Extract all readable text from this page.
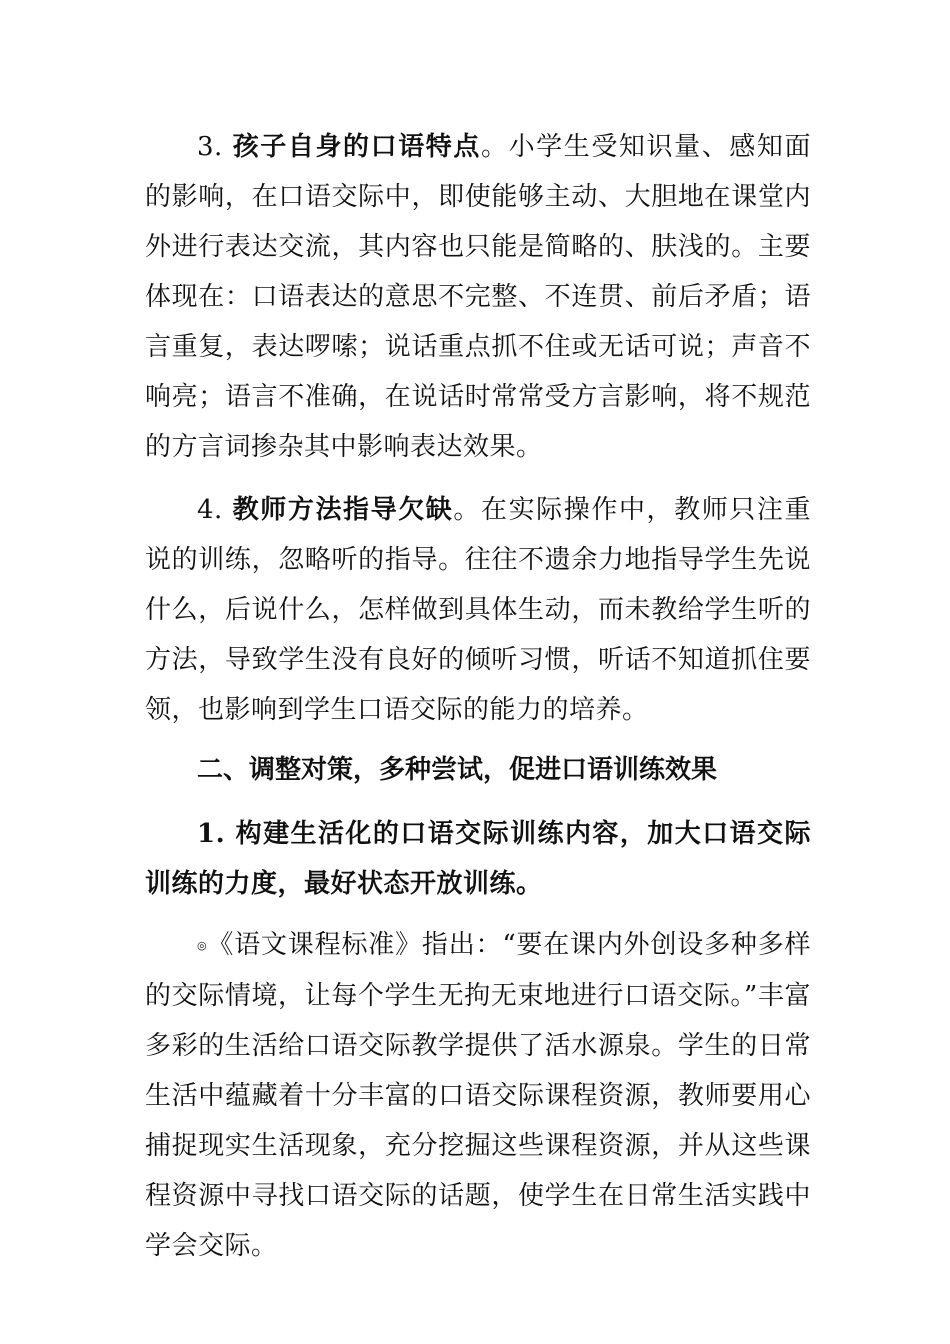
3. 孩子自身的口语特点。小学生受知识量、感知面的影响，在口语交际中，即使能够主动、大胆地在课堂内外进行表达交流，其内容也只能是简略的、肤浅的。主要体现在：口语表达的意思不完整、不连贯、前后矛盾；语言重复，表达啰嗦；说话重点抓不住或无话可说；声音不响亮；语言不准确，在说话时常常受方言影响，将不规范的方言词掺杂其中影响表达效果。

4. 教师方法指导欠缺。在实际操作中，教师只注重说的训练，忽略听的指导。往往不遗余力地指导学生先说什么，后说什么，怎样做到具体生动，而未教给学生听的方法，导致学生没有良好的倾听习惯，听话不知道抓住要领，也影响到学生口语交际的能力的培养。

二、调整对策，多种尝试，促进口语训练效果

1. 构建生活化的口语交际训练内容，加大口语交际训练的力度，最好状态开放训练。

◎《语文课程标准》指出：“要在课内外创设多种多样的交际情境，让每个学生无拘无束地进行口语交际。”丰富多彩的生活给口语交际教学提供了活水源泉。学生的日常生活中蕴藏着十分丰富的口语交际课程资源，教师要用心捕捉现实生活现象，充分挖掘这些课程资源，并从这些课程资源中寻找口语交际的话题，使学生在日常生活实践中学会交际。
